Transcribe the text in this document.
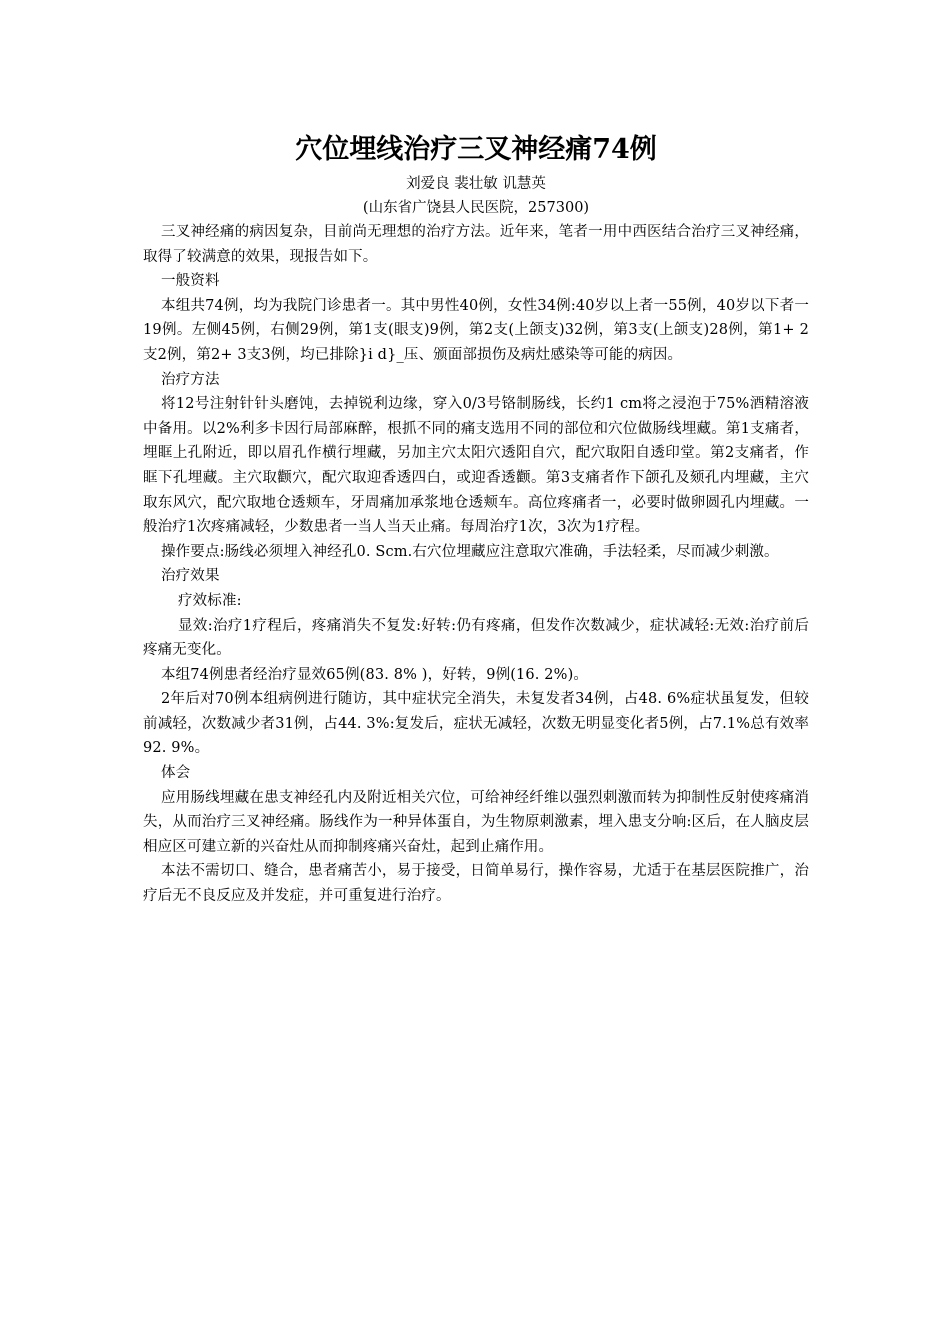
穴位埋线治疗三叉神经痛74例

刘爱良 裴壮敏 讥慧英

(山东省广饶县人民医院，257300)

三叉神经痛的病因复杂，目前尚无理想的治疗方法。近年来，笔者一用中西医结合治疗三叉神经痛，取得了较满意的效果，现报告如下。

一般资料

本组共74例，均为我院门诊患者一。其中男性40例，女性34例:40岁以上者一55例，40岁以下者一19例。左侧45例，右侧29例，第1支(眼支)9例，第2支(上颌支)32例，第3支(上颌支)28例，第1+ 2支2例，第2+ 3支3例，均已排除}i d}_压、颁面部损伤及病灶感染等可能的病因。

治疗方法

将12号注射针针头磨饨，去掉锐利边缘，穿入0/3号铬制肠线，长约1 cm将之浸泡于75%酒精溶液中备用。以2%利多卡因行局部麻醉，根抓不同的痛支选用不同的部位和穴位做肠线埋藏。第1支痛者，埋眶上孔附近，即以眉孔作横行埋藏，另加主穴太阳穴透阳自穴，配穴取阳自透印堂。第2支痛者，作眶下孔埋藏。主穴取颧穴，配穴取迎香透四白，或迎香透颧。第3支痛者作下颌孔及颏孔内埋藏，主穴取东风穴，配穴取地仓透颊车，牙周痛加承浆地仓透颊车。高位疼痛者一，必要时做卵圆孔内埋藏。一般治疗1次疼痛减轻，少数患者一当人当天止痛。每周治疗1次，3次为1疗程。

操作要点:肠线必须埋入神经孔0. Scm.右穴位埋藏应注意取穴准确，手法轻柔，尽而减少刺激。

治疗效果

疗效标准:

显效:治疗1疗程后，疼痛消失不复发:好转:仍有疼痛，但发作次数减少，症状减轻:无效:治疗前后疼痛无变化。

本组74例患者经治疗显效65例(83. 8% )，好转，9例(16. 2%)。

2年后对70例本组病例进行随访，其中症状完全消失，未复发者34例，占48. 6%症状虽复发，但较前减轻，次数减少者31例，占44. 3%:复发后，症状无减轻，次数无明显变化者5例，占7.1%总有效率92. 9%。

体会

应用肠线埋藏在患支神经孔内及附近相关穴位，可给神经纤维以强烈刺激而转为抑制性反射使疼痛消失，从而治疗三叉神经痛。肠线作为一种异体蛋自，为生物原刺激素，埋入患支分响:区后，在人脑皮层相应区可建立新的兴奋灶从而抑制疼痛兴奋灶，起到止痛作用。

本法不需切口、缝合，患者痛苦小，易于接受，日简单易行，操作容易，尤适于在基层医院推广，治疗后无不良反应及并发症，并可重复进行治疗。
